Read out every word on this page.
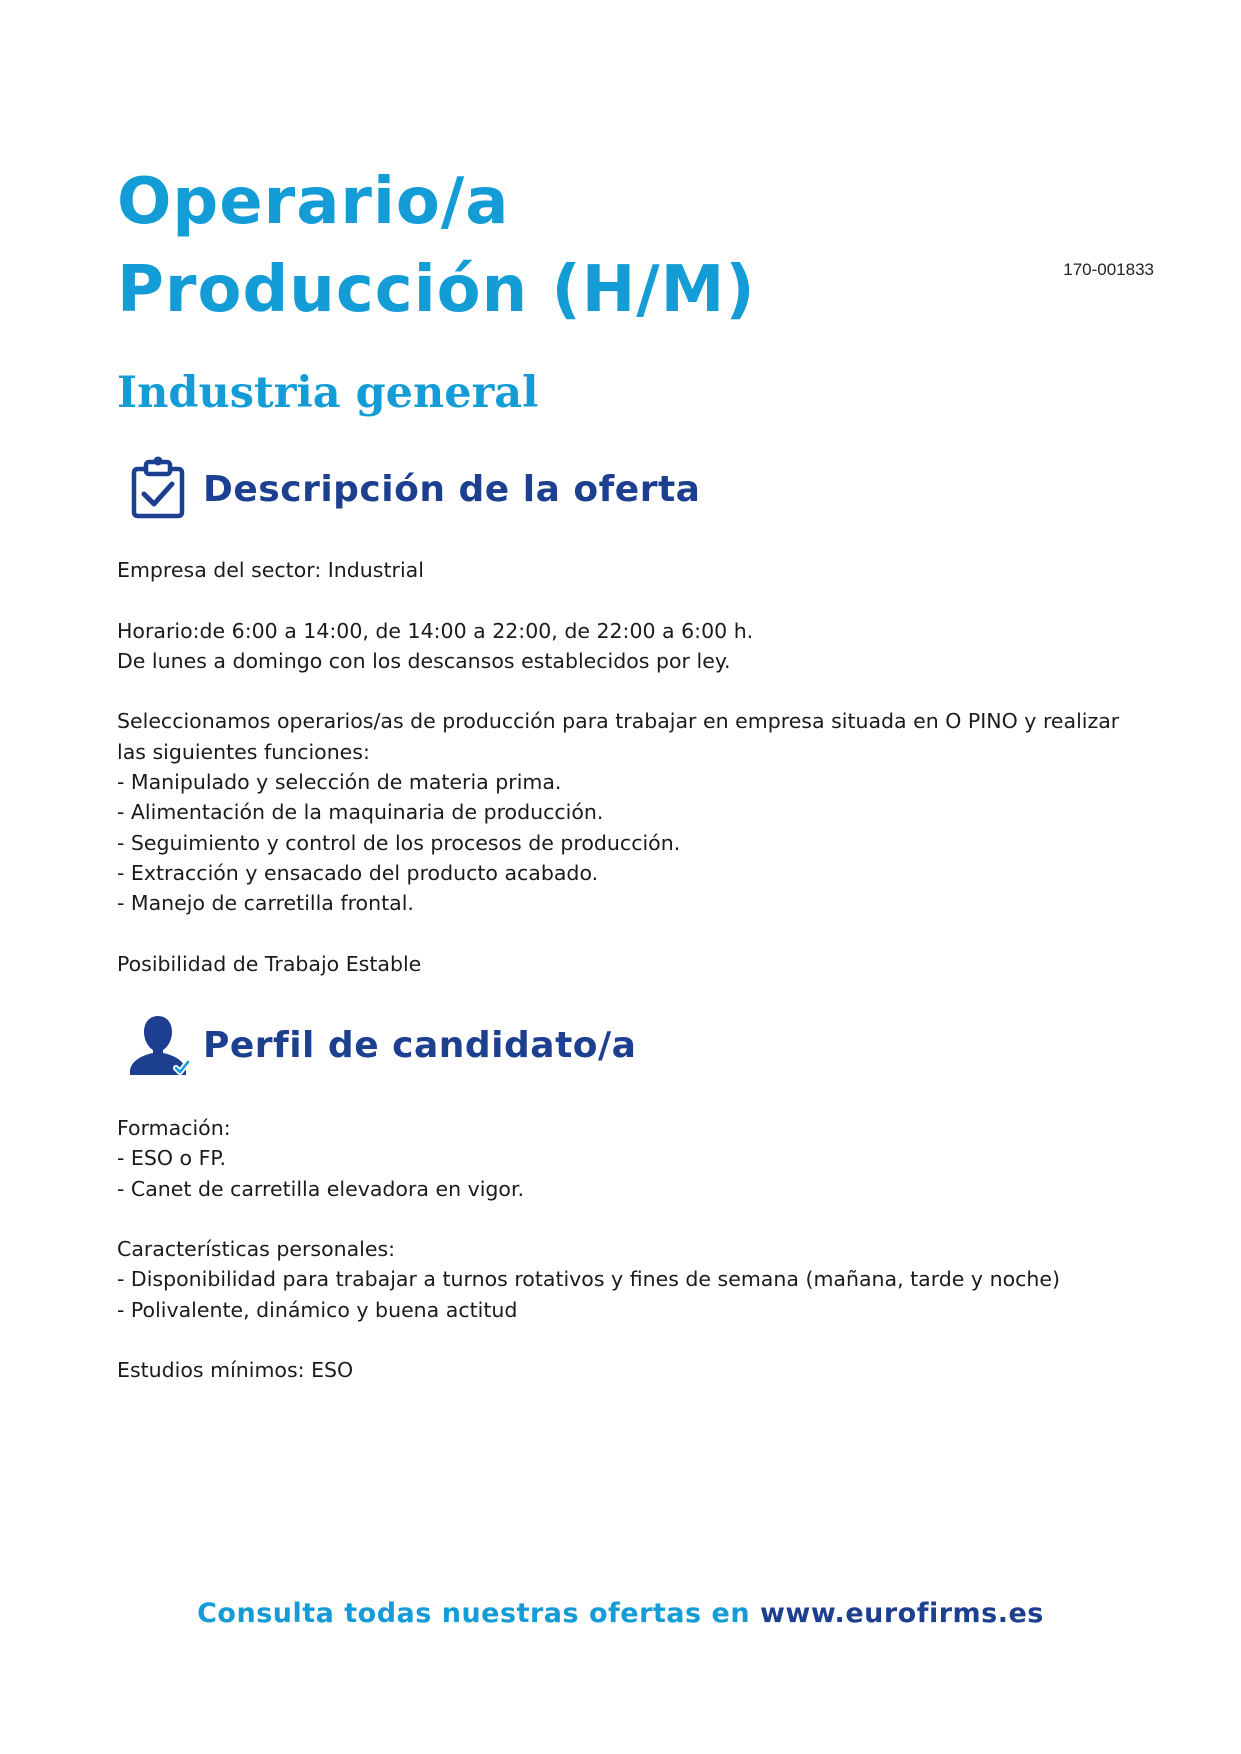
Operario/a Producción (H/M)	170-001833
Industria general
Descripción de la oferta

Empresa del sector: Industrial

Horario:de 6:00 a 14:00, de 14:00 a 22:00, de 22:00 a 6:00 h.

De lunes a domingo con los descansos establecidos por ley.

Seleccionamos operarios/as de producción para trabajar en empresa situada en O PINO y realizar

las siguientes funciones:

- Manipulado y selección de materia prima.

- Alimentación de la maquinaria de producción.

- Seguimiento y control de los procesos de producción.

- Extracción y ensacado del producto acabado.

- Manejo de carretilla frontal.

Posibilidad de Trabajo Estable

Perfil de candidato/a

Formación:

- ESO o FP.

- Canet de carretilla elevadora en vigor.

Características personales:

- Disponibilidad para trabajar a turnos rotativos y fines de semana (mañana, tarde y noche)

- Polivalente, dinámico y buena actitud

Estudios mínimos: ESO

Consulta todas nuestras ofertas en www.eurofirms.es
